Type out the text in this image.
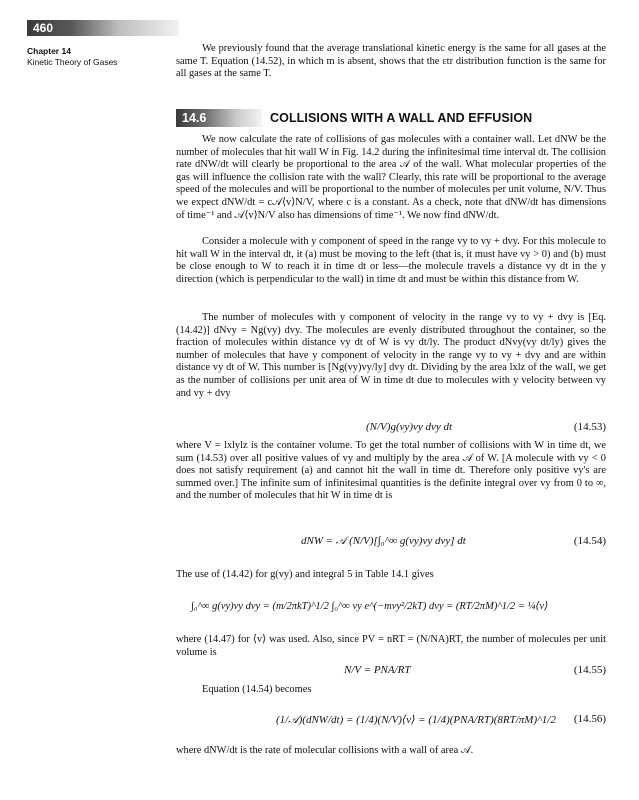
460
Chapter 14
Kinetic Theory of Gases

We previously found that the average translational kinetic energy is the same for all gases at the same T. Equation (14.52), in which m is absent, shows that the εtr distribution function is the same for all gases at the same T.

14.6	COLLISIONS WITH A WALL AND EFFUSION

We now calculate the rate of collisions of gas molecules with a container wall. Let dNW be the number of molecules that hit wall W in Fig. 14.2 during the infinitesimal time interval dt. The collision rate dNW/dt will clearly be proportional to the area 𝒜 of the wall. What molecular properties of the gas will influence the collision rate with the wall? Clearly, this rate will be proportional to the average speed of the molecules and will be proportional to the number of molecules per unit volume, N/V. Thus we expect dNW/dt = c𝒜⟨v⟩N/V, where c is a constant. As a check, note that dNW/dt has dimensions of time⁻¹ and 𝒜⟨v⟩N/V also has dimensions of time⁻¹. We now find dNW/dt.

Consider a molecule with y component of speed in the range vy to vy + dvy. For this molecule to hit wall W in the interval dt, it (a) must be moving to the left (that is, it must have vy > 0) and (b) must be close enough to W to reach it in time dt or less—the molecule travels a distance vy dt in the y direction (which is perpendicular to the wall) in time dt and must be within this distance from W.

The number of molecules with y component of velocity in the range vy to vy + dvy is [Eq. (14.42)] dNvy = Ng(vy) dvy. The molecules are evenly distributed throughout the container, so the fraction of molecules within distance vy dt of W is vy dt/ly. The product dNvy(vy dt/ly) gives the number of molecules that have y component of velocity in the range vy to vy + dvy and are within distance vy dt of W. This number is [Ng(vy)vy/ly] dvy dt. Dividing by the area lxlz of the wall, we get as the number of collisions per unit area of W in time dt due to molecules with y velocity between vy and vy + dvy

(N/V)g(vy)vy dvy dt	(14.53)

where V = lxlylz is the container volume. To get the total number of collisions with W in time dt, we sum (14.53) over all positive values of vy and multiply by the area 𝒜 of W. [A molecule with vy < 0 does not satisfy requirement (a) and cannot hit the wall in time dt. Therefore only positive vy's are summed over.] The infinite sum of infinitesimal quantities is the definite integral over vy from 0 to ∞, and the number of molecules that hit W in time dt is

dNW = 𝒜 (N/V)[∫₀^∞ g(vy)vy dvy] dt	(14.54)

The use of (14.42) for g(vy) and integral 5 in Table 14.1 gives

∫₀^∞ g(vy)vy dvy = (m/2πkT)^1/2 ∫₀^∞ vy e^(−mvy²/2kT) dvy = (RT/2πM)^1/2 = ¼⟨v⟩

where (14.47) for ⟨v⟩ was used. Also, since PV = nRT = (N/NA)RT, the number of molecules per unit volume is

N/V = PNA/RT	(14.55)

Equation (14.54) becomes

(1/𝒜)(dNW/dt) = (1/4)(N/V)⟨v⟩ = (1/4)(PNA/RT)(8RT/πM)^1/2 (14.56)

where dNW/dt is the rate of molecular collisions with a wall of area 𝒜.
